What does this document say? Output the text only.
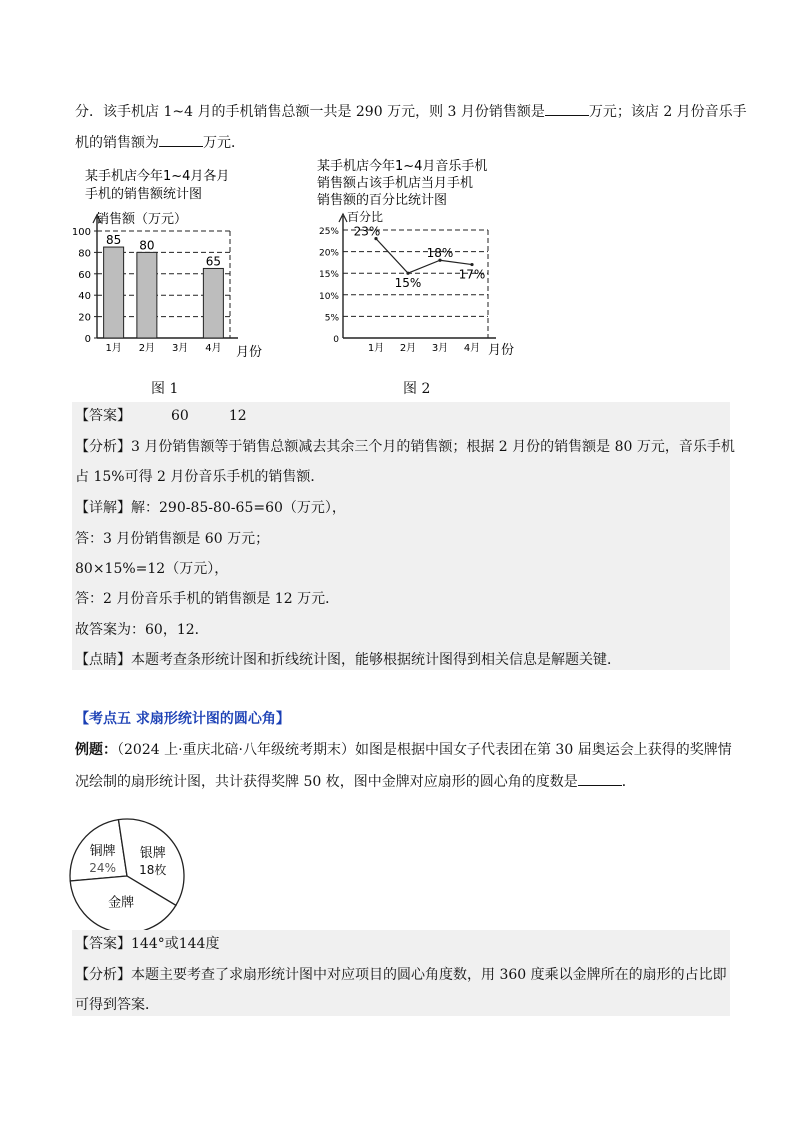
分．该手机店 1~4 月的手机销售总额一共是 290 万元，则 3 月份销售额是	万元；该店 2 月份音乐手
机的销售额为	万元．
某手机店今年1~4月各月
手机的销售额统计图
销售额（万元）
月份
0
20
40
60
80
100
1月
85
2月
80
3月 4月
65
某手机店今年1~4月音乐手机
销售额占该手机店当月手机
销售额的百分比统计图
百分比
月份
0
5%
10%
15%
20%
25%
1月 2月 3月 4月
23%
15%
18%
17%
图 1	图 2
【答案】	60	12
【分析】3 月份销售额等于销售总额减去其余三个月的销售额；根据 2 月份的销售额是 80 万元，音乐手机
占 15%可得 2 月份音乐手机的销售额．
【详解】解：290-85-80-65=60（万元），
答：3 月份销售额是 60 万元；
80×15%=12（万元），
答：2 月份音乐手机的销售额是 12 万元．
故答案为：60，12．
【点睛】本题考查条形统计图和折线统计图，能够根据统计图得到相关信息是解题关键．
【考点五 求扇形统计图的圆心角】
例题：（2024 上·重庆北碚·八年级统考期末）如图是根据中国女子代表团在第 30 届奥运会上获得的奖牌情
况绘制的扇形统计图，共计获得奖牌 50 枚，图中金牌对应扇形的圆心角的度数是	．
铜牌
24%
银牌
18枚
金牌
【答案】144°或144度
【分析】本题主要考查了求扇形统计图中对应项目的圆心角度数，用 360 度乘以金牌所在的扇形的占比即
可得到答案．
